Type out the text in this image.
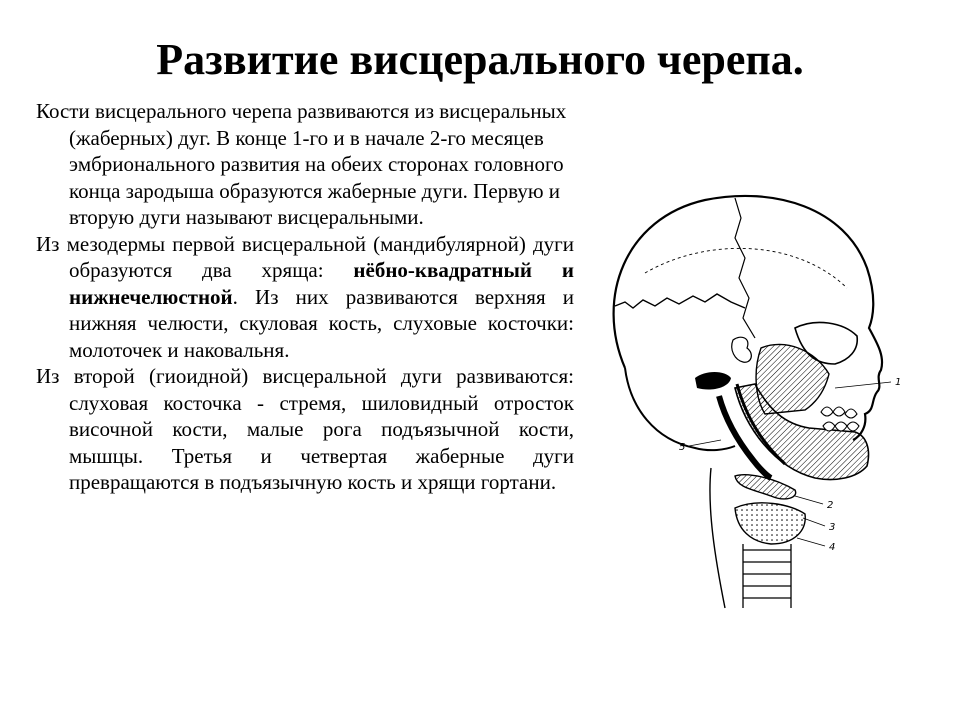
Развитие висцерального черепа.

Кости висцерального черепа развиваются из висцеральных (жаберных) дуг. В конце 1-го и в начале 2-го месяцев эмбрионального развития на обеих сторонах головного конца зародыша образуются жаберные дуги. Первую и вторую дуги называют висцеральными.

Из мезодермы первой висцеральной (мандибулярной) дуги образуются два хряща: нёбно-квадратный и нижнечелюстной. Из них развиваются верхняя и нижняя челюсти, скуловая кость, слуховые косточки: молоточек и наковальня.

Из второй (гиоидной) висцеральной дуги развиваются: слуховая косточка - стремя, шиловидный отросток височной кости, малые рога подъязычной кости, мышцы. Третья и четвертая жаберные дуги превращаются в подъязычную кость и хрящи гортани.

1
2
3
4
5
